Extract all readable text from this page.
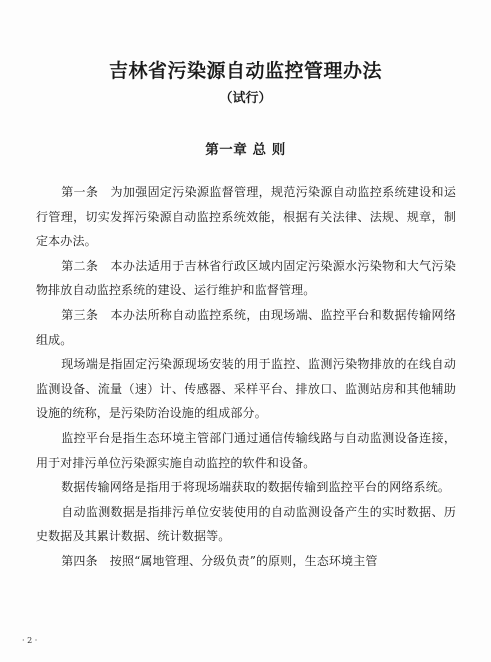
吉林省污染源自动监控管理办法
（试行）
第一章 总 则

第一条　为加强固定污染源监督管理，规范污染源自动监控系统建设和运行管理，切实发挥污染源自动监控系统效能，根据有关法律、法规、规章，制定本办法。

第二条　本办法适用于吉林省行政区域内固定污染源水污染物和大气污染物排放自动监控系统的建设、运行维护和监督管理。

第三条　本办法所称自动监控系统，由现场端、监控平台和数据传输网络组成。

现场端是指固定污染源现场安装的用于监控、监测污染物排放的在线自动监测设备、流量（速）计、传感器、采样平台、排放口、监测站房和其他辅助设施的统称，是污染防治设施的组成部分。

监控平台是指生态环境主管部门通过通信传输线路与自动监测设备连接，用于对排污单位污染源实施自动监控的软件和设备。

数据传输网络是指用于将现场端获取的数据传输到监控平台的网络系统。

自动监测数据是指排污单位安装使用的自动监测设备产生的实时数据、历史数据及其累计数据、统计数据等。

第四条　按照“属地管理、分级负责”的原则，生态环境主管

· 2 ·
